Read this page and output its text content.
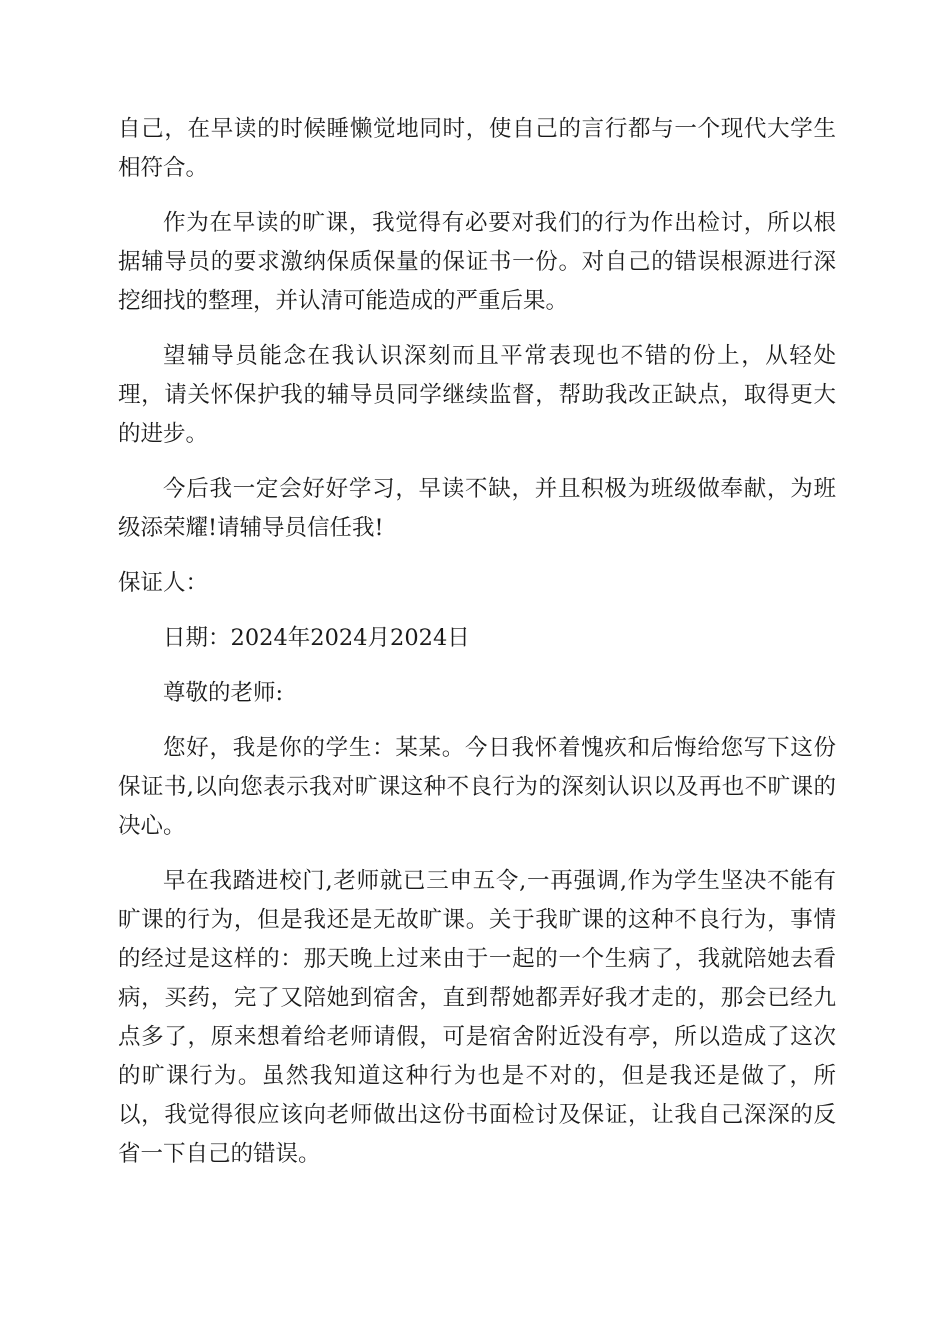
自己，在早读的时候睡懒觉地同时，使自己的言行都与一个现代大学生相符合。

作为在早读的旷课，我觉得有必要对我们的行为作出检讨，所以根据辅导员的要求激纳保质保量的保证书一份。对自己的错误根源进行深挖细找的整理，并认清可能造成的严重后果。

望辅导员能念在我认识深刻而且平常表现也不错的份上，从轻处理，请关怀保护我的辅导员同学继续监督，帮助我改正缺点，取得更大的进步。

今后我一定会好好学习，早读不缺，并且积极为班级做奉献，为班级添荣耀!请辅导员信任我!

保证人：

日期：2024年2024月2024日

尊敬的老师:

您好，我是你的学生：某某。今日我怀着愧疚和后悔给您写下这份保证书,以向您表示我对旷课这种不良行为的深刻认识以及再也不旷课的决心。

早在我踏进校门,老师就已三申五令,一再强调,作为学生坚决不能有旷课的行为，但是我还是无故旷课。关于我旷课的这种不良行为，事情的经过是这样的：那天晚上过来由于一起的一个生病了，我就陪她去看病，买药，完了又陪她到宿舍，直到帮她都弄好我才走的，那会已经九点多了，原来想着给老师请假，可是宿舍附近没有亭，所以造成了这次的旷课行为。虽然我知道这种行为也是不对的，但是我还是做了，所以，我觉得很应该向老师做出这份书面检讨及保证，让我自己深深的反省一下自己的错误。
